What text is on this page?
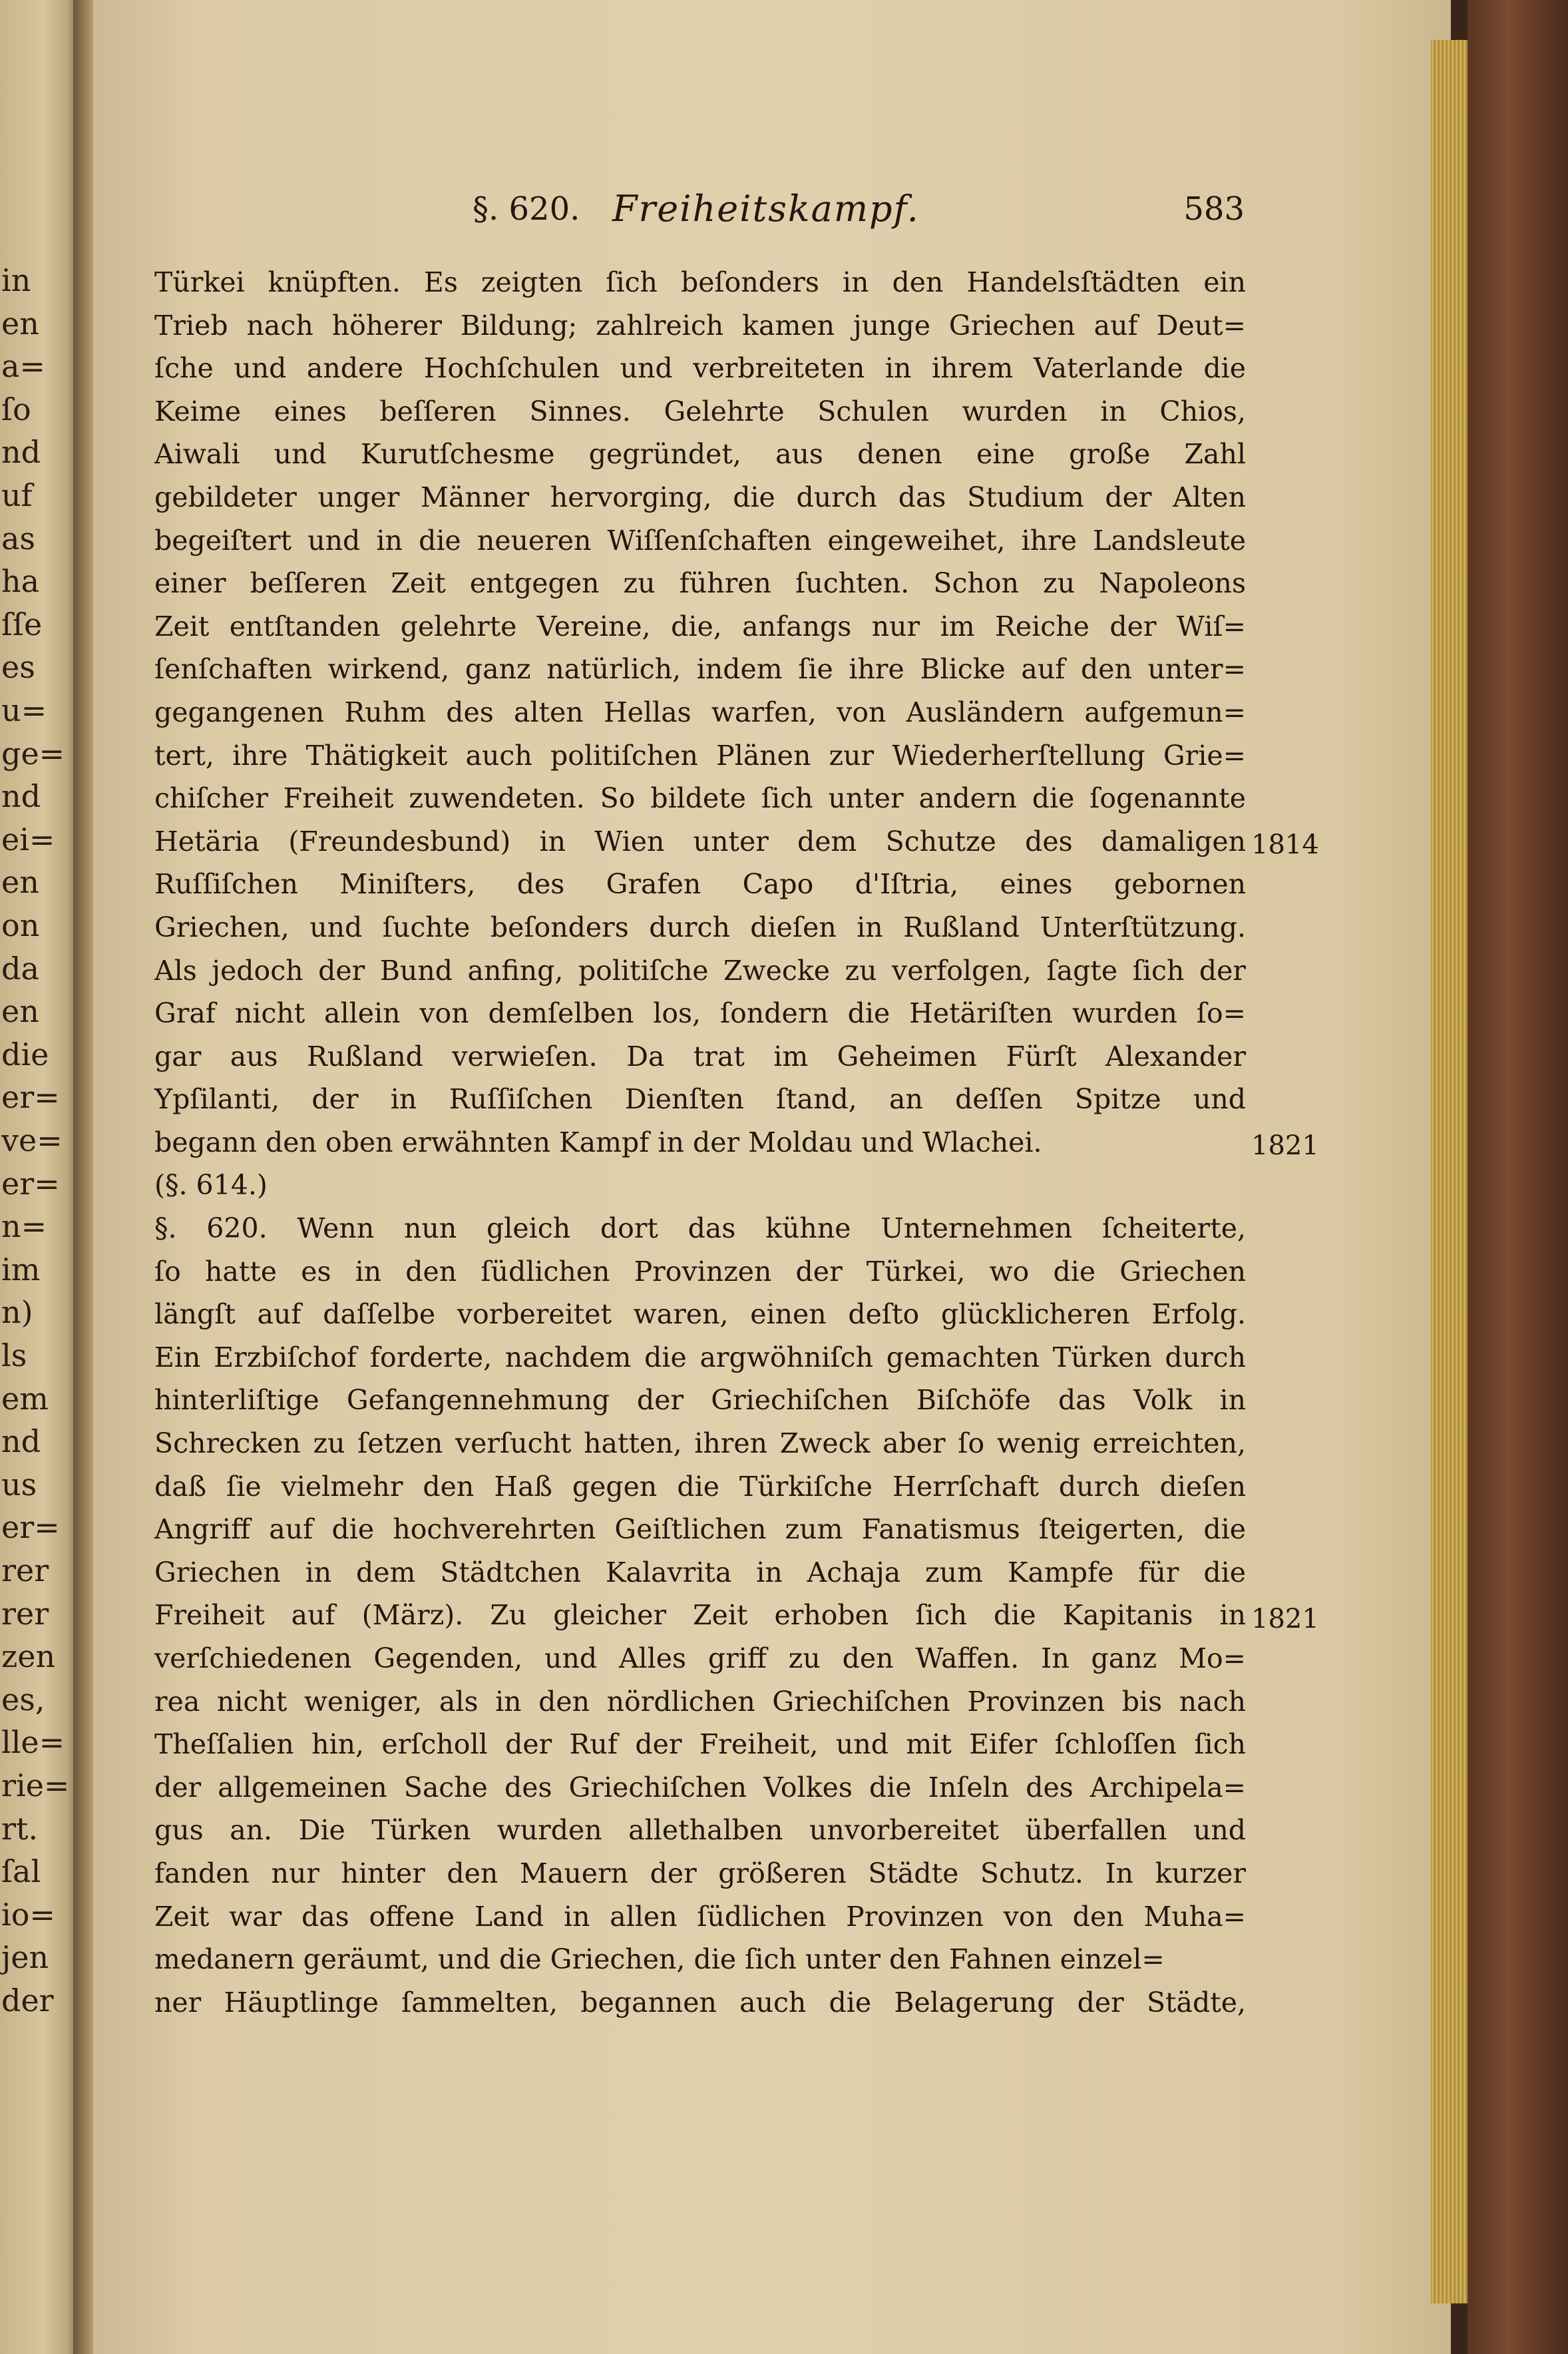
in
en
a=
ſo
nd
uf
as
ha
ſſe
es
u=
ge=
nd
ei=
en
on
da
en
die
er=
ve=
er=
n=
im
n)
ls
em
nd
us
er=
rer
rer
zen
es,
lle=
rie=
rt.
ſal
io=
jen
der
§. 620. Freiheitskampf.	583
Türkei knüpften. Es zeigten ſich beſonders in den Handelsſtädten ein
Trieb nach höherer Bildung; zahlreich kamen junge Griechen auf Deut=
ſche und andere Hochſchulen und verbreiteten in ihrem Vaterlande die
Keime eines beſſeren Sinnes. Gelehrte Schulen wurden in Chios,
Aiwali und Kurutſchesme gegründet, aus denen eine große Zahl
gebildeter unger Männer hervorging, die durch das Studium der Alten
begeiſtert und in die neueren Wiſſenſchaften eingeweihet, ihre Landsleute
einer beſſeren Zeit entgegen zu führen ſuchten. Schon zu Napoleons
Zeit entſtanden gelehrte Vereine, die, anfangs nur im Reiche der Wiſ=
ſenſchaften wirkend, ganz natürlich, indem ſie ihre Blicke auf den unter=
gegangenen Ruhm des alten Hellas warfen, von Ausländern aufgemun=
tert, ihre Thätigkeit auch politiſchen Plänen zur Wiederherſtellung Grie=
chiſcher Freiheit zuwendeten. So bildete ſich unter andern die ſogenannte
Hetäria (Freundesbund) in Wien unter dem Schutze des damaligen
Ruſſiſchen Miniſters, des Grafen Capo d'Iſtria, eines gebornen
Griechen, und ſuchte beſonders durch dieſen in Rußland Unterſtützung.
Als jedoch der Bund anfing, politiſche Zwecke zu verfolgen, ſagte ſich der
Graf nicht allein von demſelben los, ſondern die Hetäriſten wurden ſo=
gar aus Rußland verwieſen. Da trat im Geheimen Fürſt Alexander
Ypſilanti, der in Ruſſiſchen Dienſten ſtand, an deſſen Spitze und
begann den oben erwähnten Kampf in der Moldau und Wlachei.
(§. 614.)
§. 620. Wenn nun gleich dort das kühne Unternehmen ſcheiterte,
ſo hatte es in den ſüdlichen Provinzen der Türkei, wo die Griechen
längſt auf daſſelbe vorbereitet waren, einen deſto glücklicheren Erfolg.
Ein Erzbiſchof forderte, nachdem die argwöhniſch gemachten Türken durch
hinterliſtige Gefangennehmung der Griechiſchen Biſchöfe das Volk in
Schrecken zu ſetzen verſucht hatten, ihren Zweck aber ſo wenig erreichten,
daß ſie vielmehr den Haß gegen die Türkiſche Herrſchaft durch dieſen
Angriff auf die hochverehrten Geiſtlichen zum Fanatismus ſteigerten, die
Griechen in dem Städtchen Kalavrita in Achaja zum Kampfe für die
Freiheit auf (März). Zu gleicher Zeit erhoben ſich die Kapitanis in
verſchiedenen Gegenden, und Alles griff zu den Waffen. In ganz Mo=
rea nicht weniger, als in den nördlichen Griechiſchen Provinzen bis nach
Theſſalien hin, erſcholl der Ruf der Freiheit, und mit Eifer ſchloſſen ſich
der allgemeinen Sache des Griechiſchen Volkes die Inſeln des Archipela=
gus an. Die Türken wurden allethalben unvorbereitet überfallen und
fanden nur hinter den Mauern der größeren Städte Schutz. In kurzer
Zeit war das offene Land in allen ſüdlichen Provinzen von den Muha=
medanern geräumt, und die Griechen, die ſich unter den Fahnen einzel=
ner Häuptlinge ſammelten, begannen auch die Belagerung der Städte,
1814
1821
1821
